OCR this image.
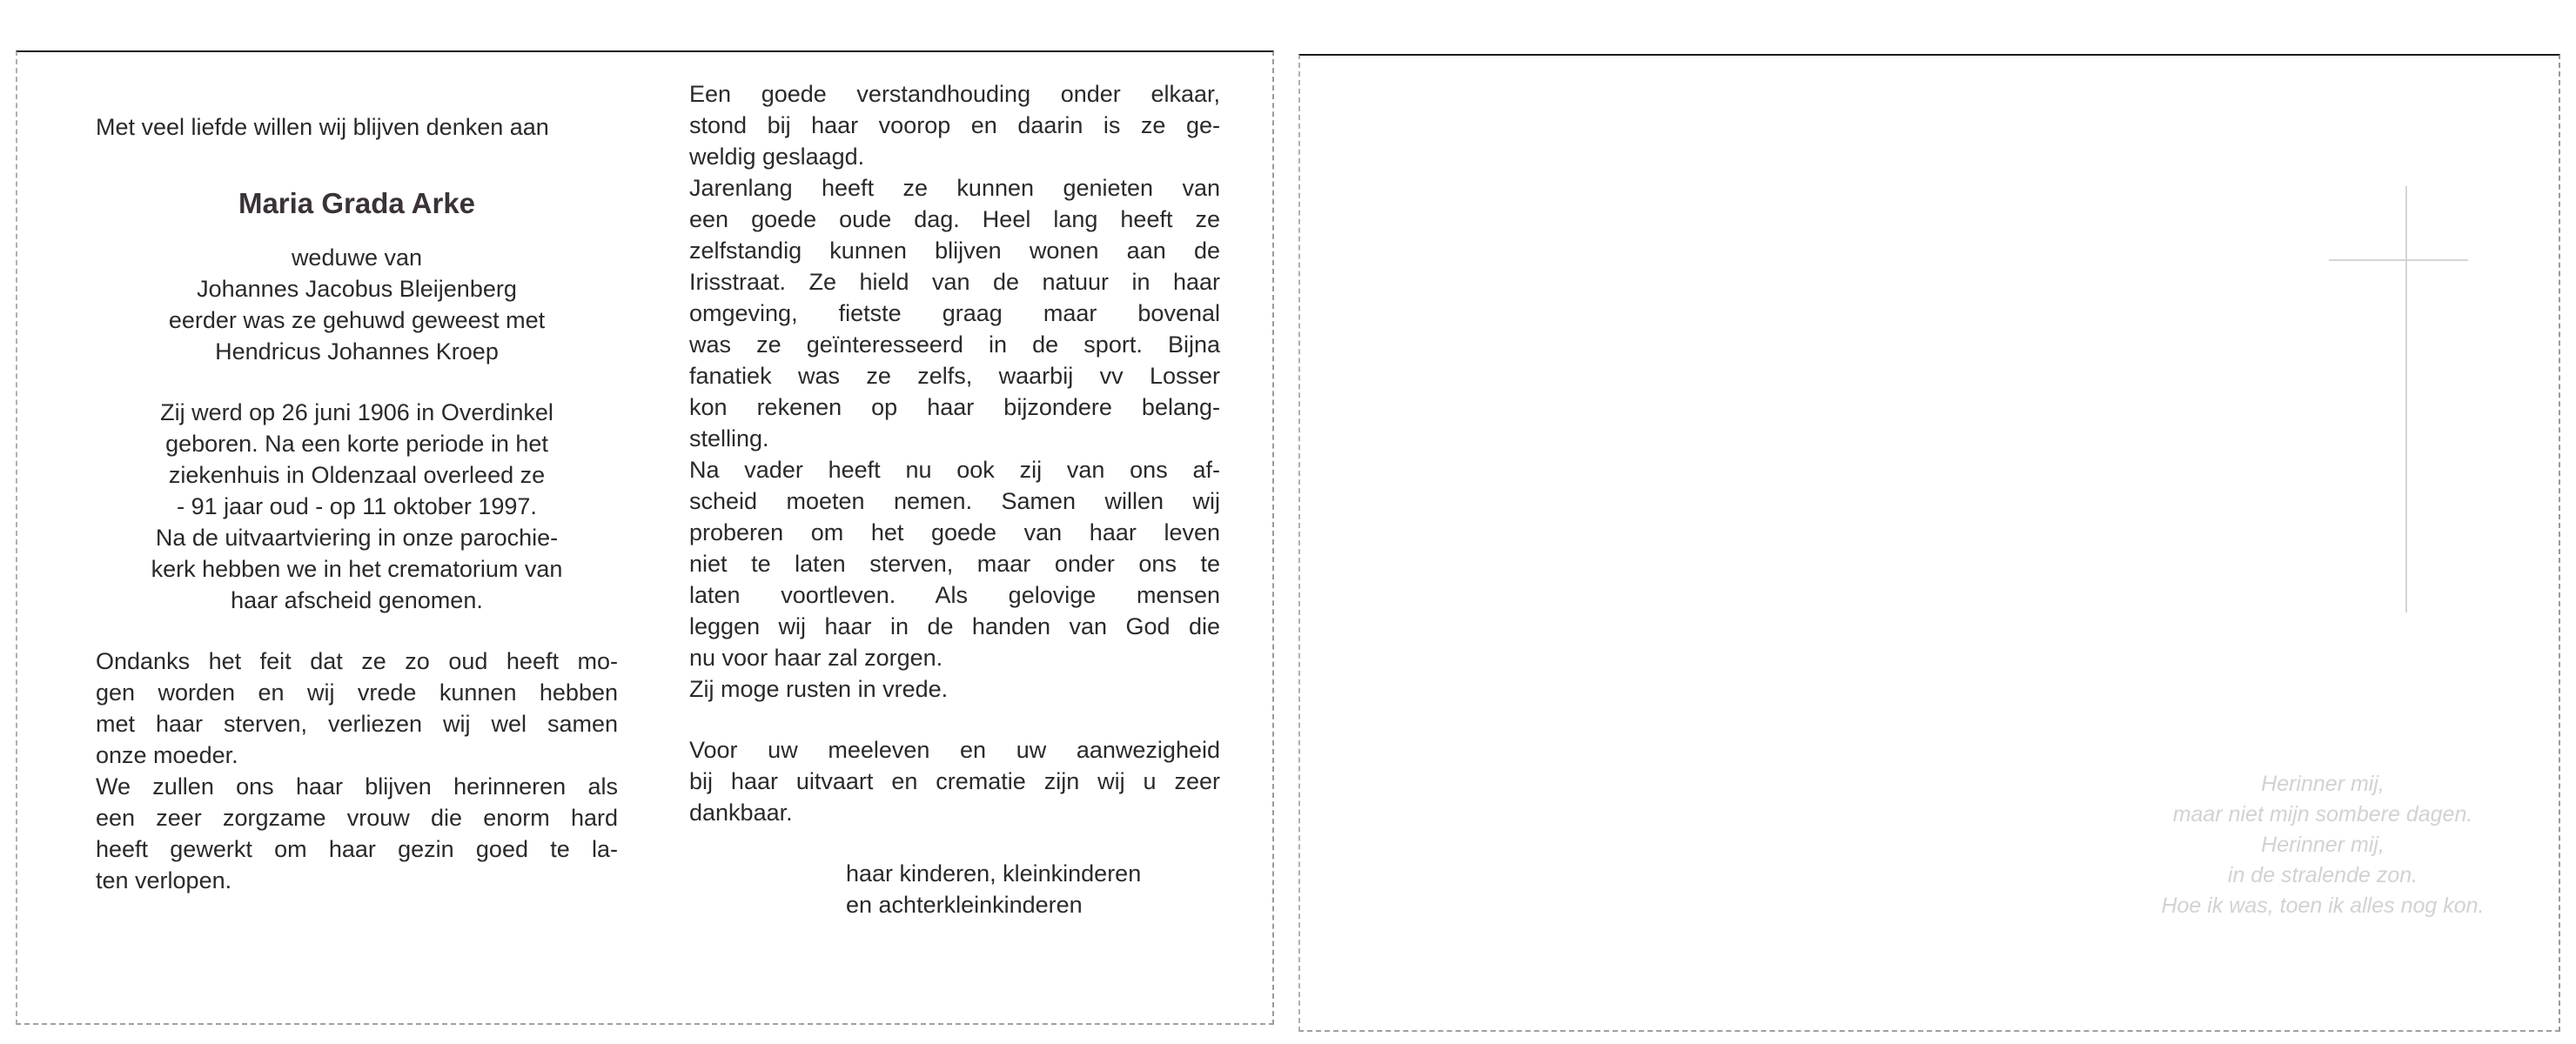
Met veel liefde willen wij blijven denken aan
Maria Grada Arke
weduwe van
Johannes Jacobus Bleijenberg
eerder was ze gehuwd geweest met
Hendricus Johannes Kroep
Zij werd op 26 juni 1906 in Overdinkel
geboren. Na een korte periode in het
ziekenhuis in Oldenzaal overleed ze
- 91 jaar oud - op 11 oktober 1997.
Na de uitvaartviering in onze parochie-
kerk hebben we in het crematorium van
haar afscheid genomen.
Ondanks het feit dat ze zo oud heeft mo-
gen worden en wij vrede kunnen hebben
met haar sterven, verliezen wij wel samen
onze moeder.
We zullen ons haar blijven herinneren als
een zeer zorgzame vrouw die enorm hard
heeft gewerkt om haar gezin goed te la-
ten verlopen.
Een goede verstandhouding onder elkaar,
stond bij haar voorop en daarin is ze ge-
weldig geslaagd.
Jarenlang heeft ze kunnen genieten van
een goede oude dag. Heel lang heeft ze
zelfstandig kunnen blijven wonen aan de
Irisstraat. Ze hield van de natuur in haar
omgeving, fietste graag maar bovenal
was ze geïnteresseerd in de sport. Bijna
fanatiek was ze zelfs, waarbij vv Losser
kon rekenen op haar bijzondere belang-
stelling.
Na vader heeft nu ook zij van ons af-
scheid moeten nemen. Samen willen wij
proberen om het goede van haar leven
niet te laten sterven, maar onder ons te
laten voortleven. Als gelovige mensen
leggen wij haar in de handen van God die
nu voor haar zal zorgen.
Zij moge rusten in vrede.
Voor uw meeleven en uw aanwezigheid
bij haar uitvaart en crematie zijn wij u zeer
dankbaar.
haar kinderen, kleinkinderen
en achterkleinkinderen
Herinner mij,
maar niet mijn sombere dagen.
Herinner mij,
in de stralende zon.
Hoe ik was, toen ik alles nog kon.
